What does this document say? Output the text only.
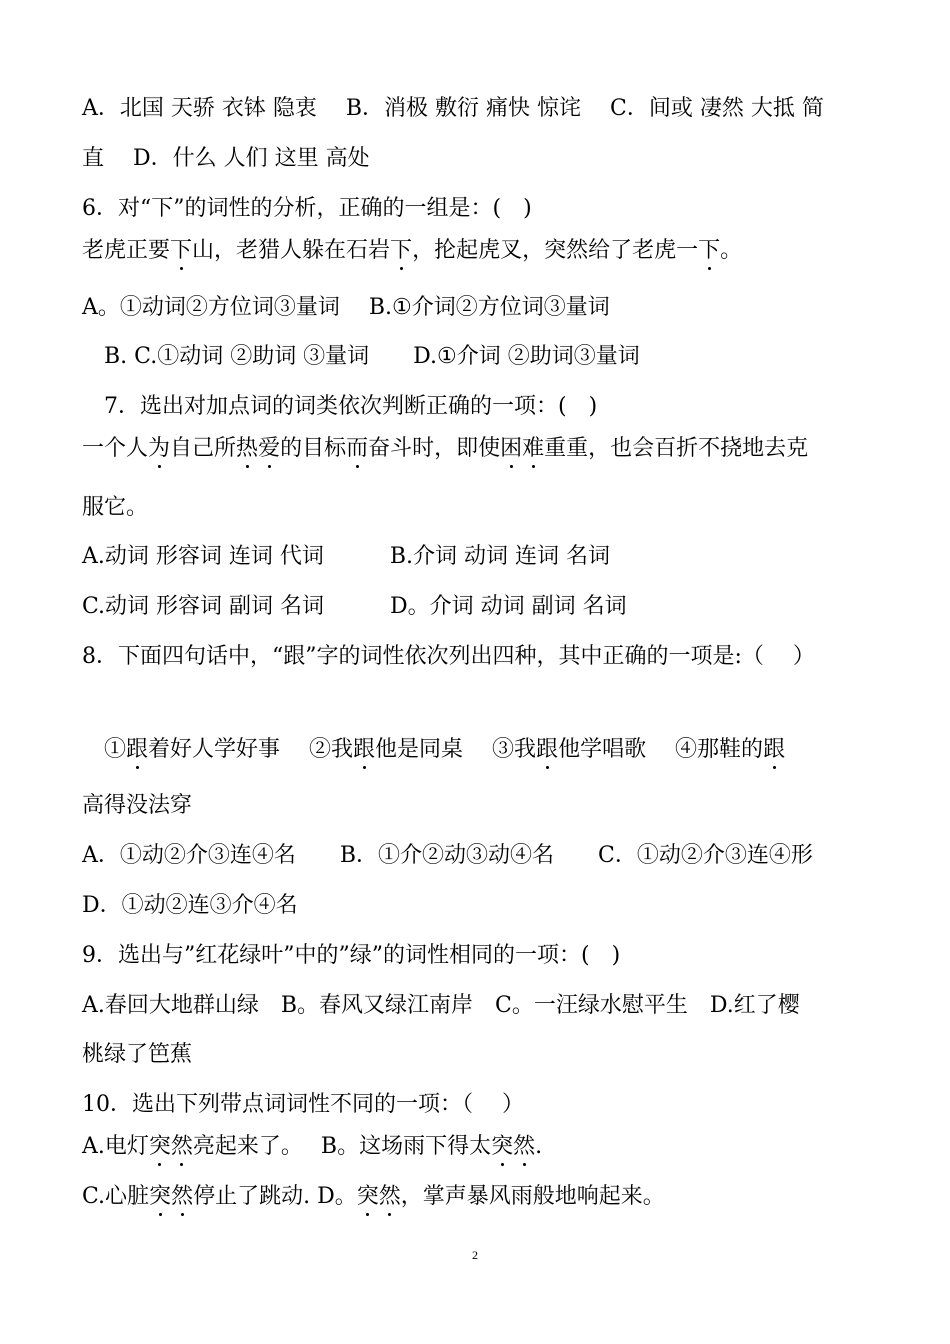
A．北国 天骄 衣钵 隐衷　 B．消极 敷衍 痛快 惊诧　 C．间或 凄然 大抵 简
直　 D．什么 人们 这里 高处
6．对“下”的词性的分析，正确的一组是：(　)
老虎正要下山，老猎人躲在石岩下，抡起虎叉，突然给了老虎一下。
A。①动词②方位词③量词　 B.①介词②方位词③量词
　B. C.①动词 ②助词 ③量词　　D.①介词 ②助词③量词
　7．选出对加点词的词类依次判断正确的一项：(　)
一个人为自己所热爱的目标而奋斗时，即使困难重重，也会百折不挠地去克
服它。
A.动词 形容词 连词 代词　　　B.介词 动词 连词 名词
C.动词 形容词 副词 名词　　　D。介词 动词 副词 名词
8．下面四句话中，“跟”字的词性依次列出四种，其中正确的一项是:（　 ）
　①跟着好人学好事　 ②我跟他是同桌　 ③我跟他学唱歌　 ④那鞋的跟
高得没法穿
A．①动②介③连④名　　B．①介②动③动④名　　C．①动②介③连④形
D．①动②连③介④名
9．选出与”红花绿叶”中的”绿”的词性相同的一项：(　)
A.春回大地群山绿　B。春风又绿江南岸　C。一汪绿水慰平生　D.红了樱
桃绿了笆蕉
10．选出下列带点词词性不同的一项：（　 ）
A.电灯突然亮起来了。　 B。这场雨下得太突然.
C.心脏突然停止了跳动. D。突然，掌声暴风雨般地响起来。
2
